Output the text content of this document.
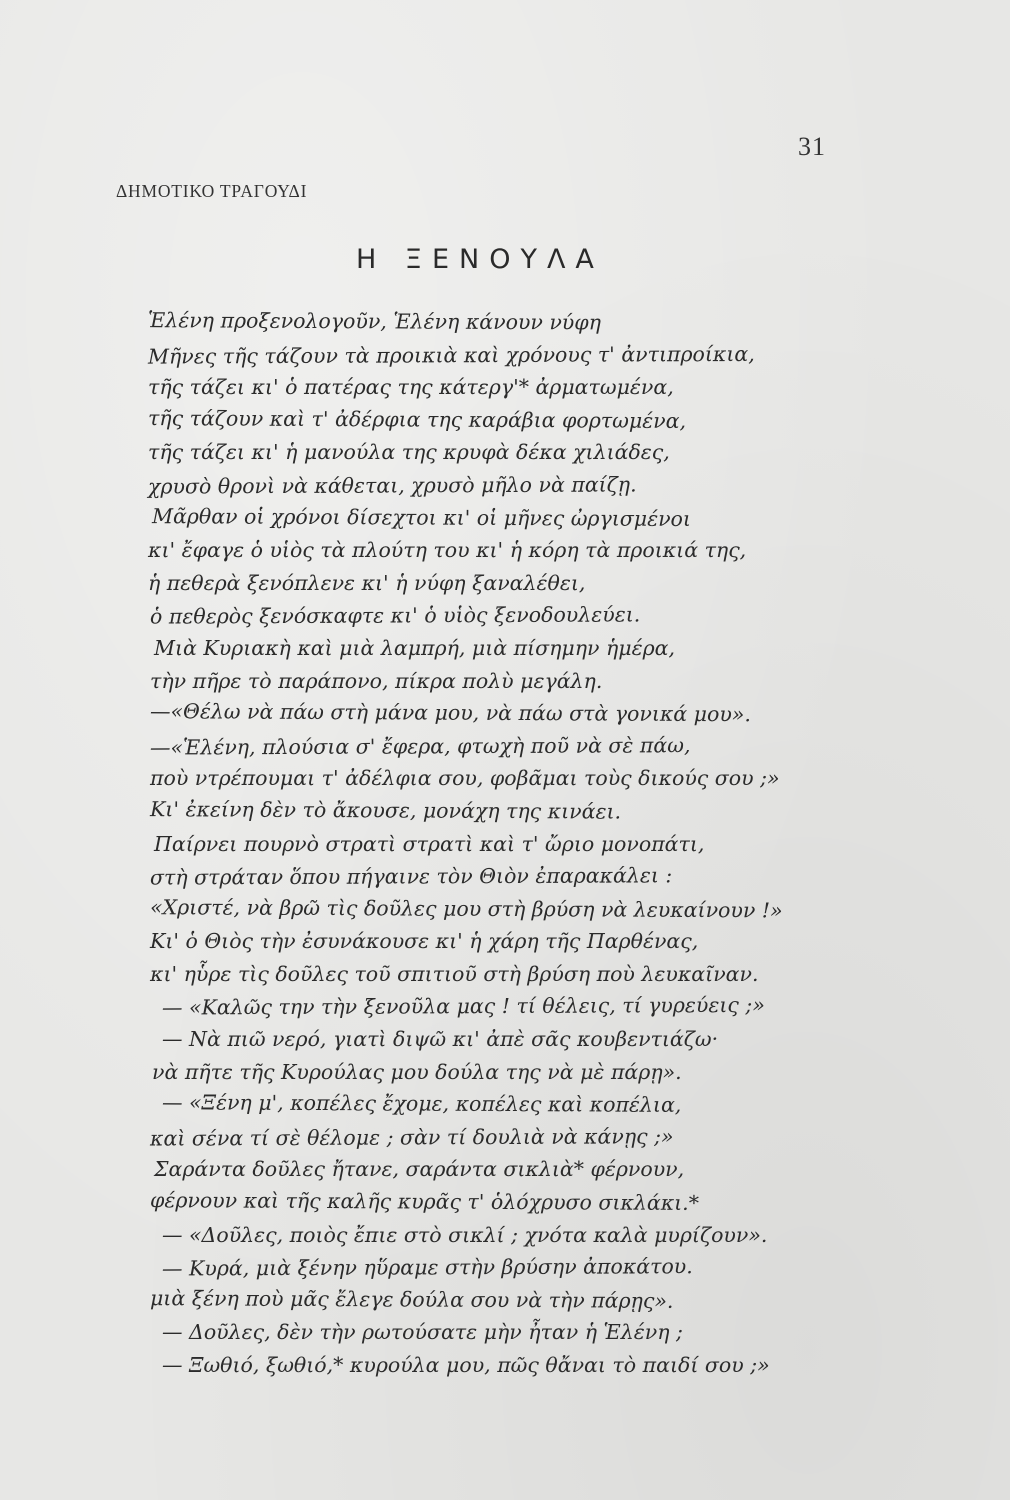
31
ΔΗΜΟΤΙΚΟ ΤΡΑΓΟΥΔΙ
Η ΞΕΝΟΥΛΑ
Ἑλένη προξενολογοῦν, Ἑλένη κάνουν νύφη
Μῆνες τῆς τάζουν τὰ προικιὰ καὶ χρόνους τ' ἀντιπροίκια,
τῆς τάζει κι' ὁ πατέρας της κάτεργ'* ἀρματωμένα,
τῆς τάζουν καὶ τ' ἀδέρφια της καράβια φορτωμένα,
τῆς τάζει κι' ἡ μανούλα της κρυφὰ δέκα χιλιάδες,
χρυσὸ θρονὶ νὰ κάθεται, χρυσὸ μῆλο νὰ παίζῃ.
Μᾶρθαν οἱ χρόνοι δίσεχτοι κι' οἱ μῆνες ὠργισμένοι
κι' ἔφαγε ὁ υἱὸς τὰ πλούτη του κι' ἡ κόρη τὰ προικιά της,
ἡ πεθερὰ ξενόπλενε κι' ἡ νύφη ξαναλέθει,
ὁ πεθερὸς ξενόσκαφτε κι' ὁ υἱὸς ξενοδουλεύει.
Μιὰ Κυριακὴ καὶ μιὰ λαμπρή, μιὰ πίσημην ἡμέρα,
τὴν πῆρε τὸ παράπονο, πίκρα πολὺ μεγάλη.
—«Θέλω νὰ πάω στὴ μάνα μου, νὰ πάω στὰ γονικά μου».
—«Ἑλένη, πλούσια σ' ἔφερα, φτωχὴ ποῦ νὰ σὲ πάω,
ποὺ ντρέπουμαι τ' ἀδέλφια σου, φοβᾶμαι τοὺς δικούς σου ;»
Κι' ἐκείνη δὲν τὸ ἄκουσε, μονάχη της κινάει.
Παίρνει πουρνὸ στρατὶ στρατὶ καὶ τ' ὤριο μονοπάτι,
στὴ στράταν ὅπου πήγαινε τὸν Θιὸν ἐπαρακάλει :
«Χριστέ, νὰ βρῶ τὶς δοῦλες μου στὴ βρύση νὰ λευκαίνουν !»
Κι' ὁ Θιὸς τὴν ἐσυνάκουσε κι' ἡ χάρη τῆς Παρθένας,
κι' ηὗρε τὶς δοῦλες τοῦ σπιτιοῦ στὴ βρύση ποὺ λευκαῖναν.
— «Καλῶς την τὴν ξενοῦλα μας ! τί θέλεις, τί γυρεύεις ;»
— Νὰ πιῶ νερό, γιατὶ διψῶ κι' ἀπὲ σᾶς κουβεντιάζω·
νὰ πῆτε τῆς Κυρούλας μου δούλα της νὰ μὲ πάρῃ».
— «Ξένη μ', κοπέλες ἔχομε, κοπέλες καὶ κοπέλια,
καὶ σένα τί σὲ θέλομε ; σὰν τί δουλιὰ νὰ κάνῃς ;»
Σαράντα δοῦλες ἤτανε, σαράντα σικλιὰ* φέρνουν,
φέρνουν καὶ τῆς καλῆς κυρᾶς τ' ὁλόχρυσο σικλάκι.*
— «Δοῦλες, ποιὸς ἔπιε στὸ σικλί ; χνότα καλὰ μυρίζουν».
— Κυρά, μιὰ ξένην ηὕραμε στὴν βρύσην ἀποκάτου.
μιὰ ξένη ποὺ μᾶς ἔλεγε δούλα σου νὰ τὴν πάρῃς».
— Δοῦλες, δὲν τὴν ρωτούσατε μὴν ἦταν ἡ Ἑλένη ;
— Ξωθιό, ξωθιό,* κυρούλα μου, πῶς θἄναι τὸ παιδί σου ;»
